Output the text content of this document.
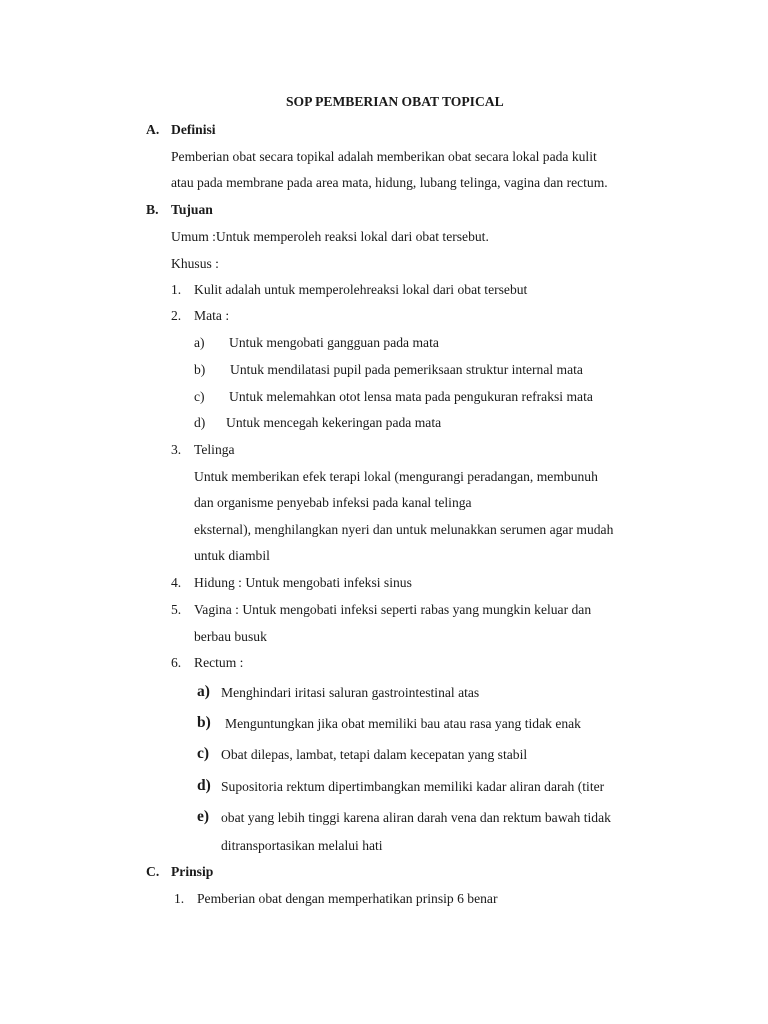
SOP PEMBERIAN OBAT TOPICAL
A. Definisi
Pemberian obat secara topikal adalah memberikan obat secara lokal pada kulit
atau pada membrane pada area mata, hidung, lubang telinga, vagina dan rectum.
B. Tujuan
Umum :Untuk memperoleh reaksi lokal dari obat tersebut.
Khusus :
1. Kulit adalah untuk memperolehreaksi lokal dari obat tersebut
2. Mata :
a) Untuk mengobati gangguan pada mata
b) Untuk mendilatasi pupil pada pemeriksaan struktur internal mata
c) Untuk melemahkan otot lensa mata pada pengukuran refraksi mata
d) Untuk mencegah kekeringan pada mata
3. Telinga
Untuk memberikan efek terapi lokal (mengurangi peradangan, membunuh
dan organisme penyebab infeksi pada kanal telinga
eksternal), menghilangkan nyeri dan untuk melunakkan serumen agar mudah
untuk diambil
4. Hidung : Untuk mengobati infeksi sinus
5. Vagina : Untuk mengobati infeksi seperti rabas yang mungkin keluar dan
berbau busuk
6. Rectum :
a) Menghindari iritasi saluran gastrointestinal atas
b) Menguntungkan jika obat memiliki bau atau rasa yang tidak enak
c) Obat dilepas, lambat, tetapi dalam kecepatan yang stabil
d) Supositoria rektum dipertimbangkan memiliki kadar aliran darah (titer
e) obat yang lebih tinggi karena aliran darah vena dan rektum bawah tidak
ditransportasikan melalui hati
C. Prinsip
1. Pemberian obat dengan memperhatikan prinsip 6 benar
